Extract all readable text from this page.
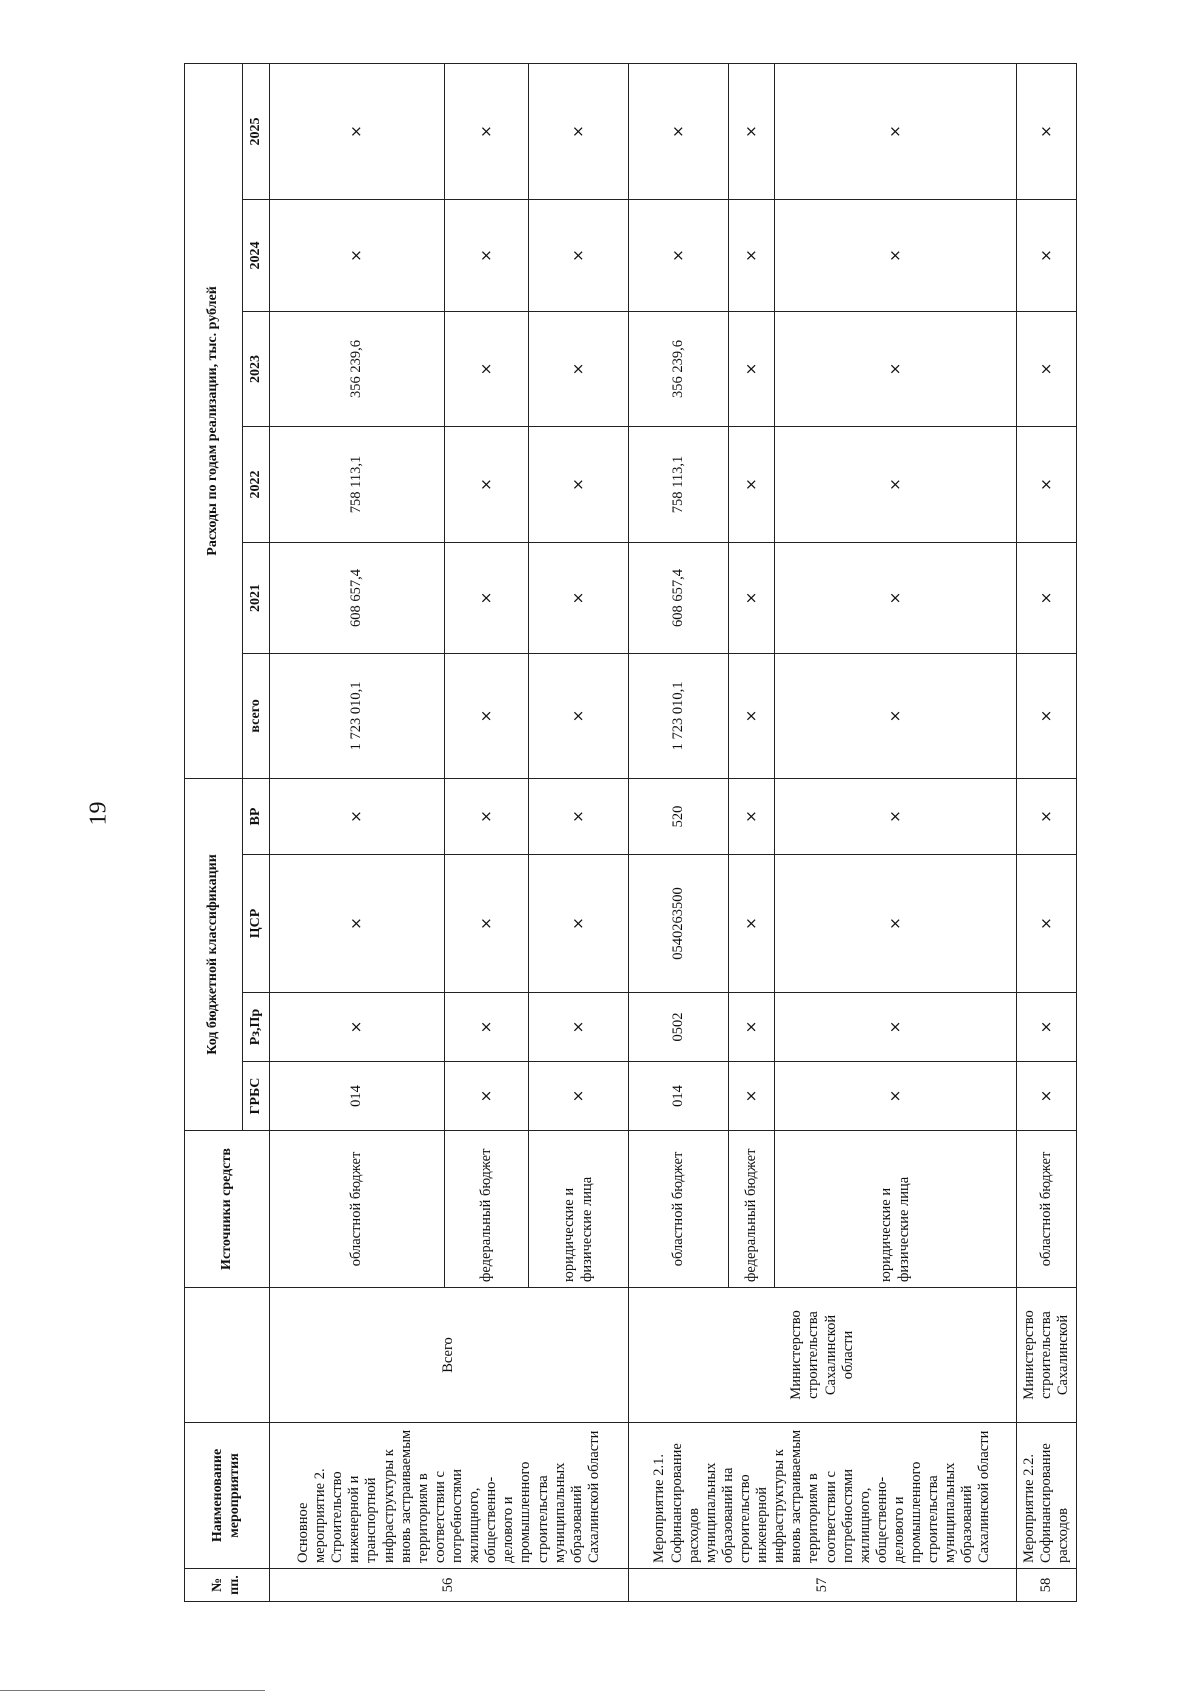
19
№ пп.	Наименование мероприятия		Источники средств	Код бюджетной классификации				Расходы по годам реализации, тыс. рублей					
				ГРБС	Рз,Пр	ЦСР	ВР	всего	2021	2022	2023	2024	2025
56	Основное мероприятие 2. Строительство инженерной и транспортной инфраструктуры к вновь застраиваемым территориям в соответствии с потребностями жилищного, общественно-делового и промышленного строительства муниципальных образований Сахалинской области	Всего	областной бюджет	014	×	×	×	1 723 010,1	608 657,4	758 113,1	356 239,6	×	×
			федеральный бюджет	×	×	×	×	×	×	×	×	×	×
			юридические и физические лица	×	×	×	×	×	×	×	×	×	×
57	Мероприятие 2.1. Софинансирование расходов муниципальных образований на строительство инженерной инфраструктуры к вновь застраиваемым территориям в соответствии с потребностями жилищного, общественно-делового и промышленного строительства муниципальных образований Сахалинской области	Министерство строительства Сахалинской области	областной бюджет	014	0502	0540263500	520	1 723 010,1	608 657,4	758 113,1	356 239,6	×	×
			федеральный бюджет	×	×	×	×	×	×	×	×	×	×
			юридические и физические лица	×	×	×	×	×	×	×	×	×	×
58	Мероприятие 2.2. Софинансирование расходов	Министерство строительства Сахалинской	областной бюджет	×	×	×	×	×	×	×	×	×	×
